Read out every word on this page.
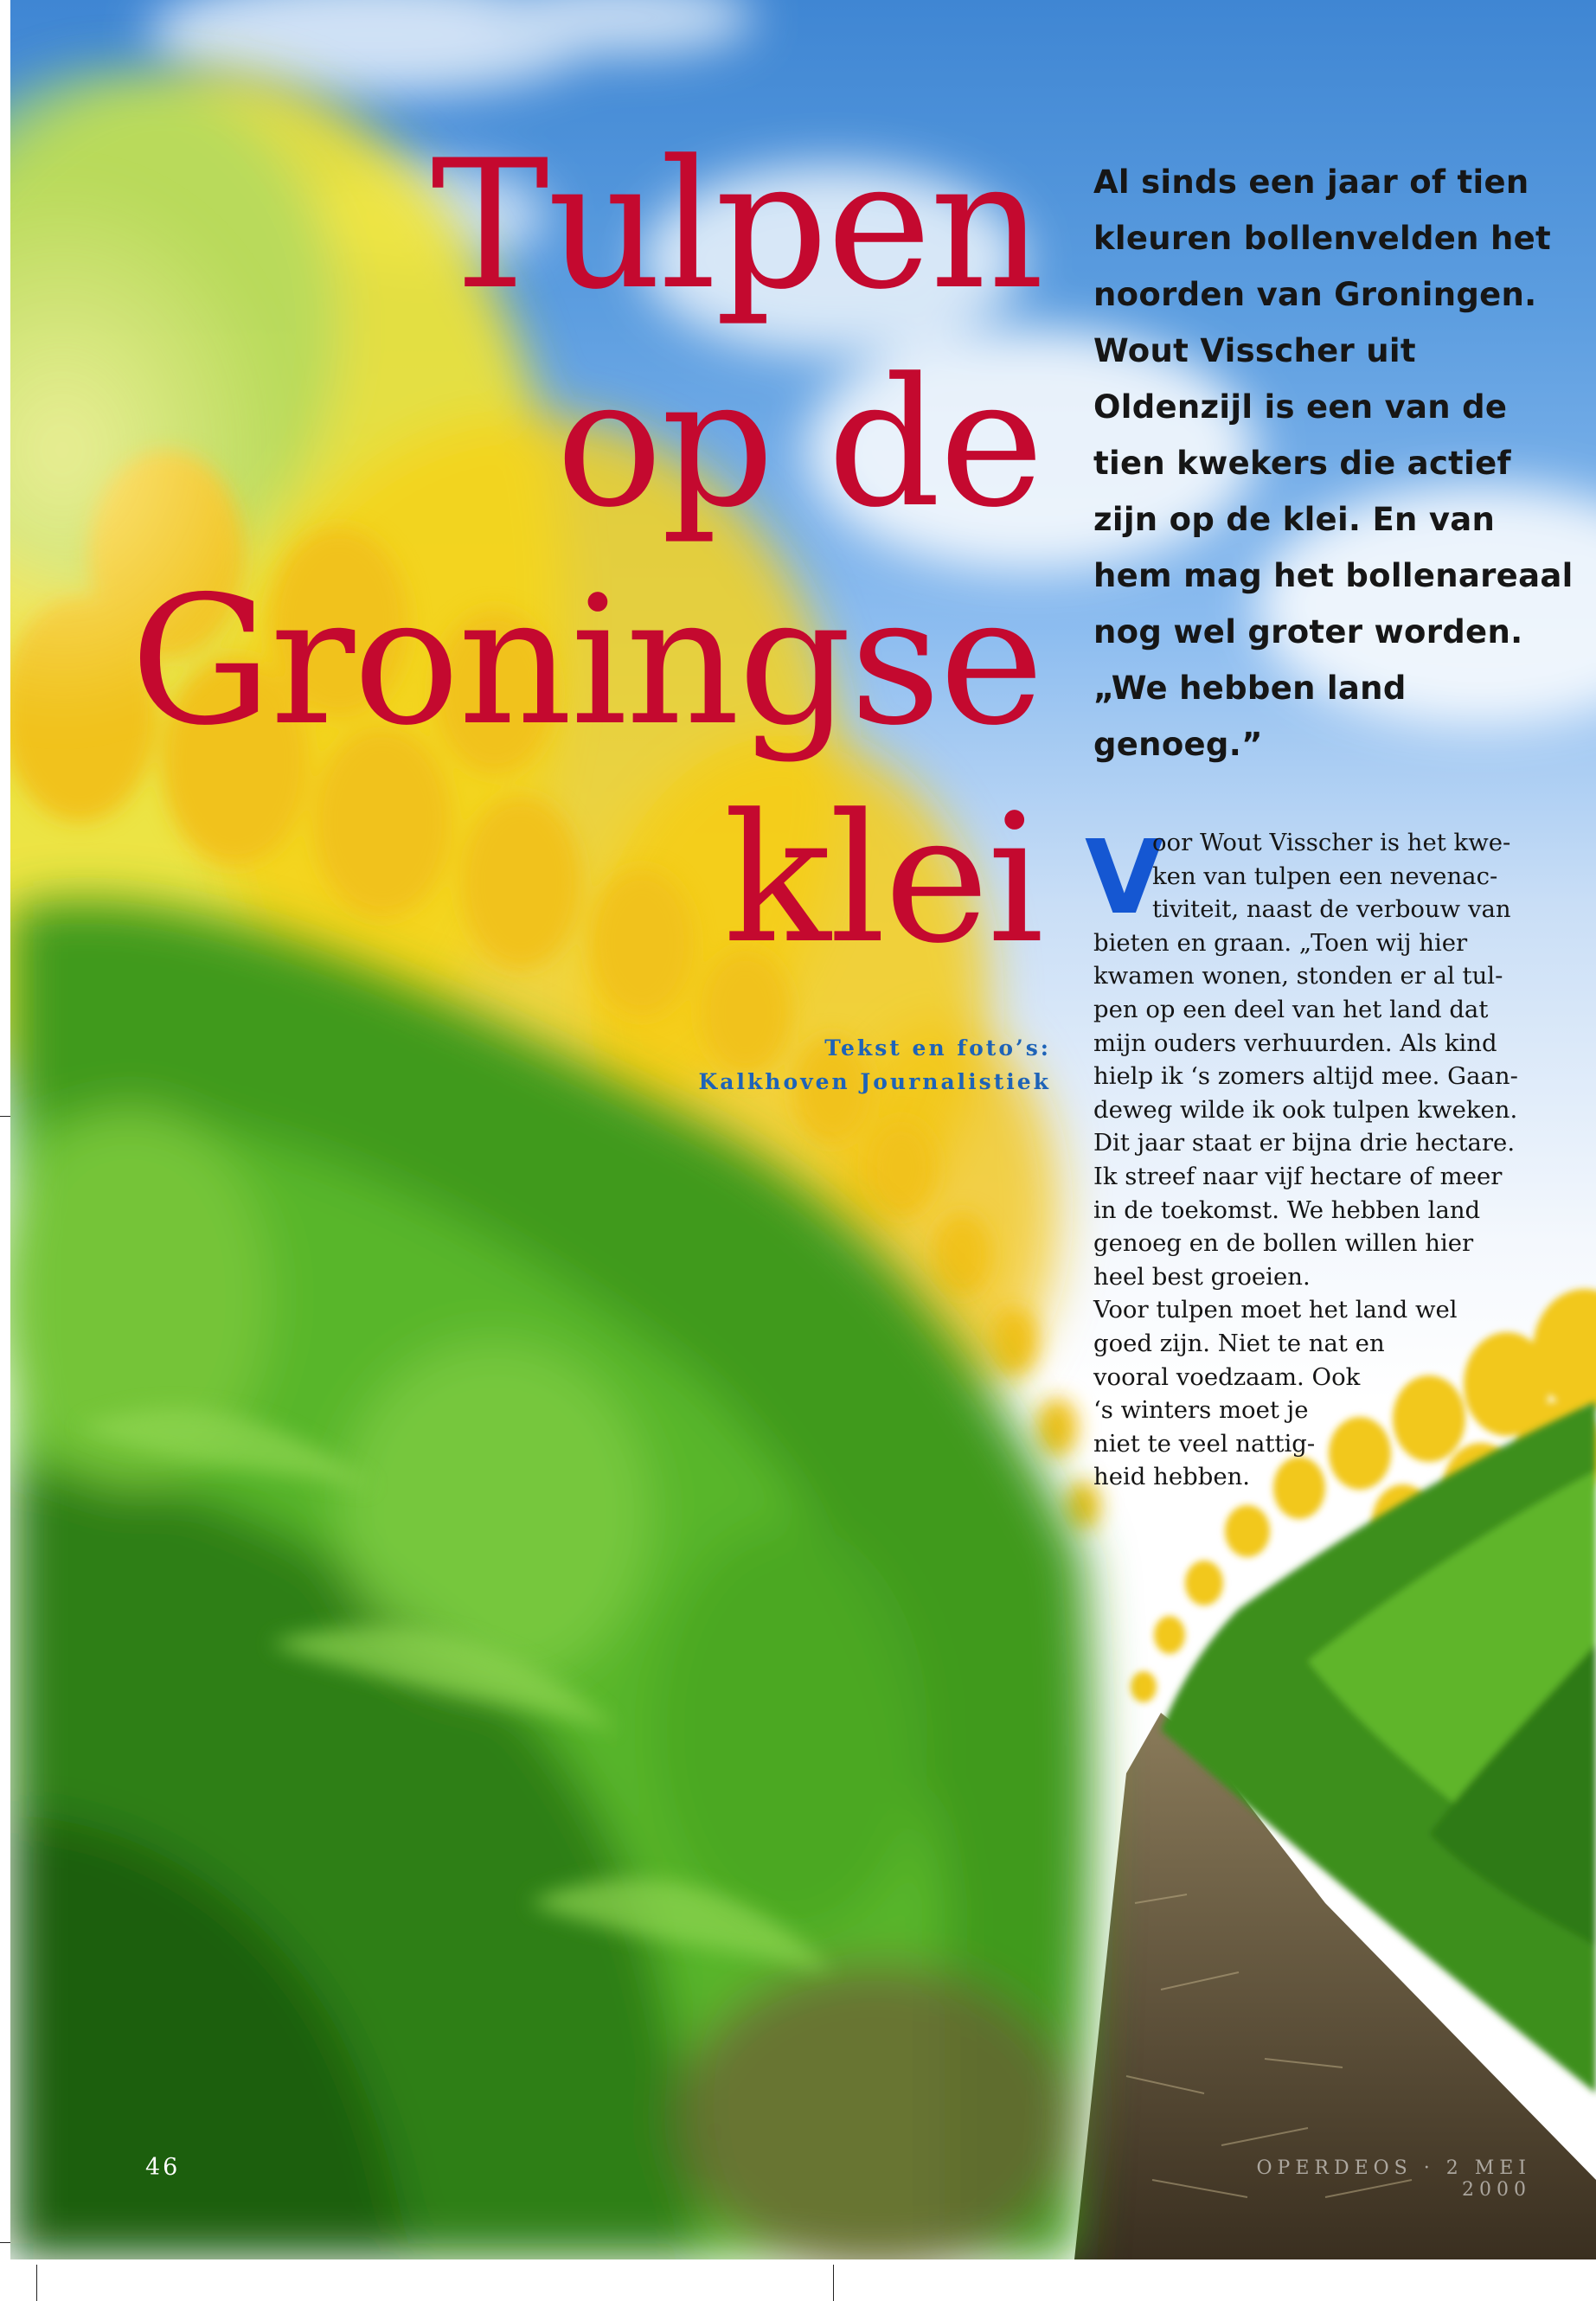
Tulpen
op de
Groningse
klei
Tekst en foto’s:
Kalkhoven Journalistiek
Al sinds een jaar of tien
kleuren bollenvelden het
noorden van Groningen.
Wout Visscher uit
Oldenzijl is een van de
tien kwekers die actief
zijn op de klei. En van
hem mag het bollenareaal
nog wel groter worden.
„We hebben land
genoeg.”
V
oor Wout Visscher is het kwe-
ken van tulpen een nevenac-
tiviteit, naast de verbouw van
bieten en graan. „Toen wij hier
kwamen wonen, stonden er al tul-
pen op een deel van het land dat
mijn ouders verhuurden. Als kind
hielp ik ‘s zomers altijd mee. Gaan-
deweg wilde ik ook tulpen kweken.
Dit jaar staat er bijna drie hectare.
Ik streef naar vijf hectare of meer
in de toekomst. We hebben land
genoeg en de bollen willen hier
heel best groeien.
Voor tulpen moet het land wel
goed zijn. Niet te nat en
vooral voedzaam. Ook
‘s winters moet je
niet te veel nattig-
heid hebben.
46	OPERDEOS · 2 MEI 2000
